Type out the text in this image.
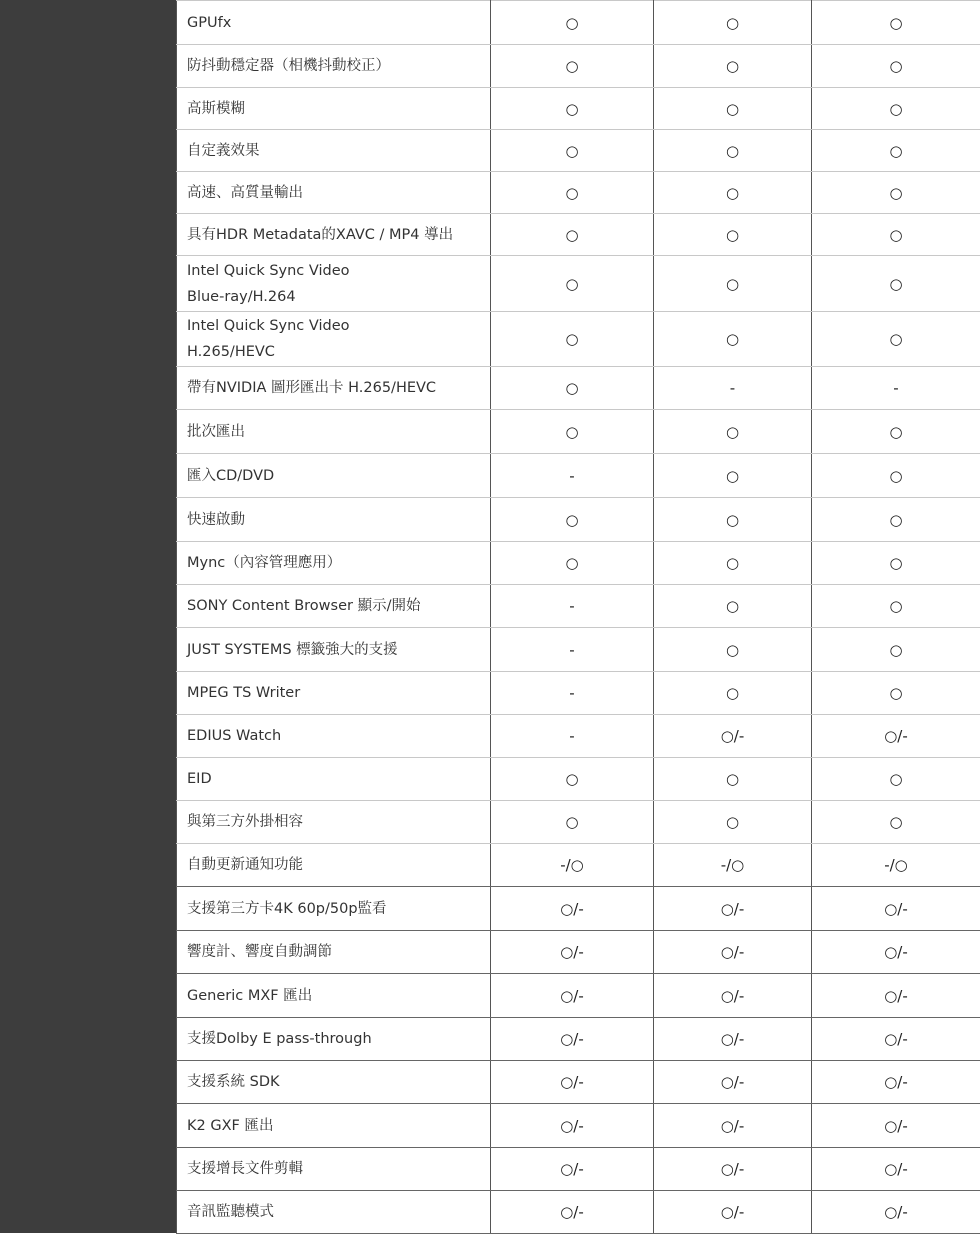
GPUfx	○	○	○
防抖動穩定器（相機抖動校正）	○	○	○
高斯模糊	○	○	○
自定義效果	○	○	○
高速、高質量輸出	○	○	○
具有HDR Metadata的XAVC / MP4 導出	○	○	○
Intel Quick Sync Video
Blue-ray/H.264	○	○	○
Intel Quick Sync Video
H.265/HEVC	○	○	○
帶有NVIDIA 圖形匯出卡 H.265/HEVC	○	-	-
批次匯出	○	○	○
匯入CD/DVD	-	○	○
快速啟動	○	○	○
Mync（內容管理應用）	○	○	○
SONY Content Browser 顯示/開始	-	○	○
JUST SYSTEMS 標籤強大的支援	-	○	○
MPEG TS Writer	-	○	○
EDIUS Watch	-	○/-	○/-
EID	○	○	○
與第三方外掛相容	○	○	○
自動更新通知功能	-/○	-/○	-/○
支援第三方卡4K 60p/50p監看	○/-	○/-	○/-
響度計、響度自動調節	○/-	○/-	○/-
Generic MXF 匯出	○/-	○/-	○/-
支援Dolby E pass-through	○/-	○/-	○/-
支援系統 SDK	○/-	○/-	○/-
K2 GXF 匯出	○/-	○/-	○/-
支援增長文件剪輯	○/-	○/-	○/-
音訊監聽模式	○/-	○/-	○/-
